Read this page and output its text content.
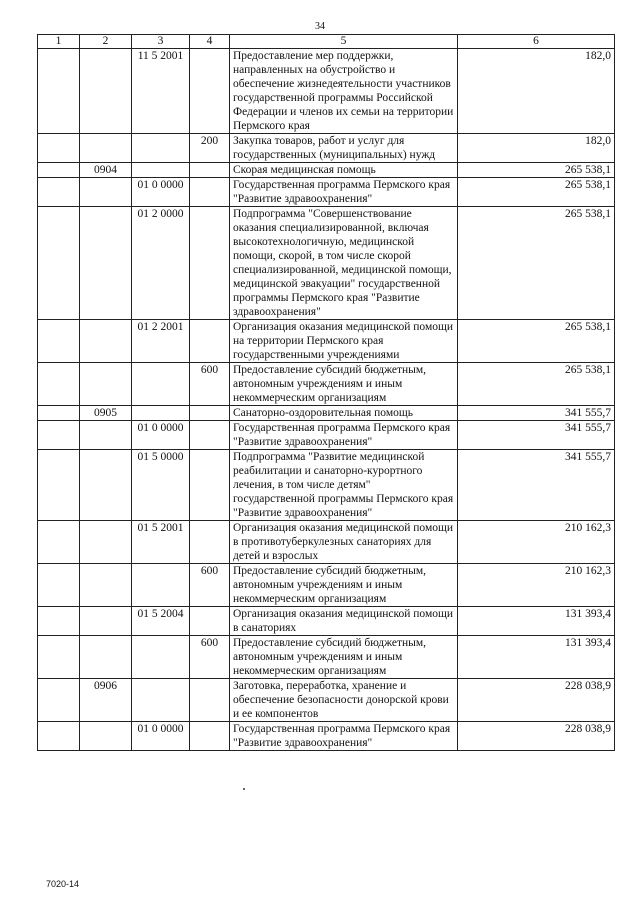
34
1	2	3	4	5	6
		11 5 2001		Предоставление мер поддержки, направленных на обустройство и обеспечение жизнедеятельности участников государственной программы Российской Федерации и членов их семьи на территории Пермского края	182,0
			200	Закупка товаров, работ и услуг для государственных (муниципальных) нужд	182,0
	0904			Скорая медицинская помощь	265 538,1
		01 0 0000		Государственная программа Пермского края "Развитие здравоохранения"	265 538,1
		01 2 0000		Подпрограмма "Совершенствование оказания специализированной, включая высокотехнологичную, медицинской помощи, скорой, в том числе скорой специализированной, медицинской помощи, медицинской эвакуации" государственной программы Пермского края "Развитие здравоохранения"	265 538,1
		01 2 2001		Организация оказания медицинской помощи на территории Пермского края государственными учреждениями	265 538,1
			600	Предоставление субсидий бюджетным, автономным учреждениям и иным некоммерческим организациям	265 538,1
	0905			Санаторно-оздоровительная помощь	341 555,7
		01 0 0000		Государственная программа Пермского края "Развитие здравоохранения"	341 555,7
		01 5 0000		Подпрограмма "Развитие медицинской реабилитации и санаторно-курортного лечения, в том числе детям" государственной программы Пермского края "Развитие здравоохранения"	341 555,7
		01 5 2001		Организация оказания медицинской помощи в противотуберкулезных санаториях для детей и взрослых	210 162,3
			600	Предоставление субсидий бюджетным, автономным учреждениям и иным некоммерческим организациям	210 162,3
		01 5 2004		Организация оказания медицинской помощи в санаториях	131 393,4
			600	Предоставление субсидий бюджетным, автономным учреждениям и иным некоммерческим организациям	131 393,4
	0906			Заготовка, переработка, хранение и обеспечение безопасности донорской крови и ее компонентов	228 038,9
		01 0 0000		Государственная программа Пермского края "Развитие здравоохранения"	228 038,9
7020-14
